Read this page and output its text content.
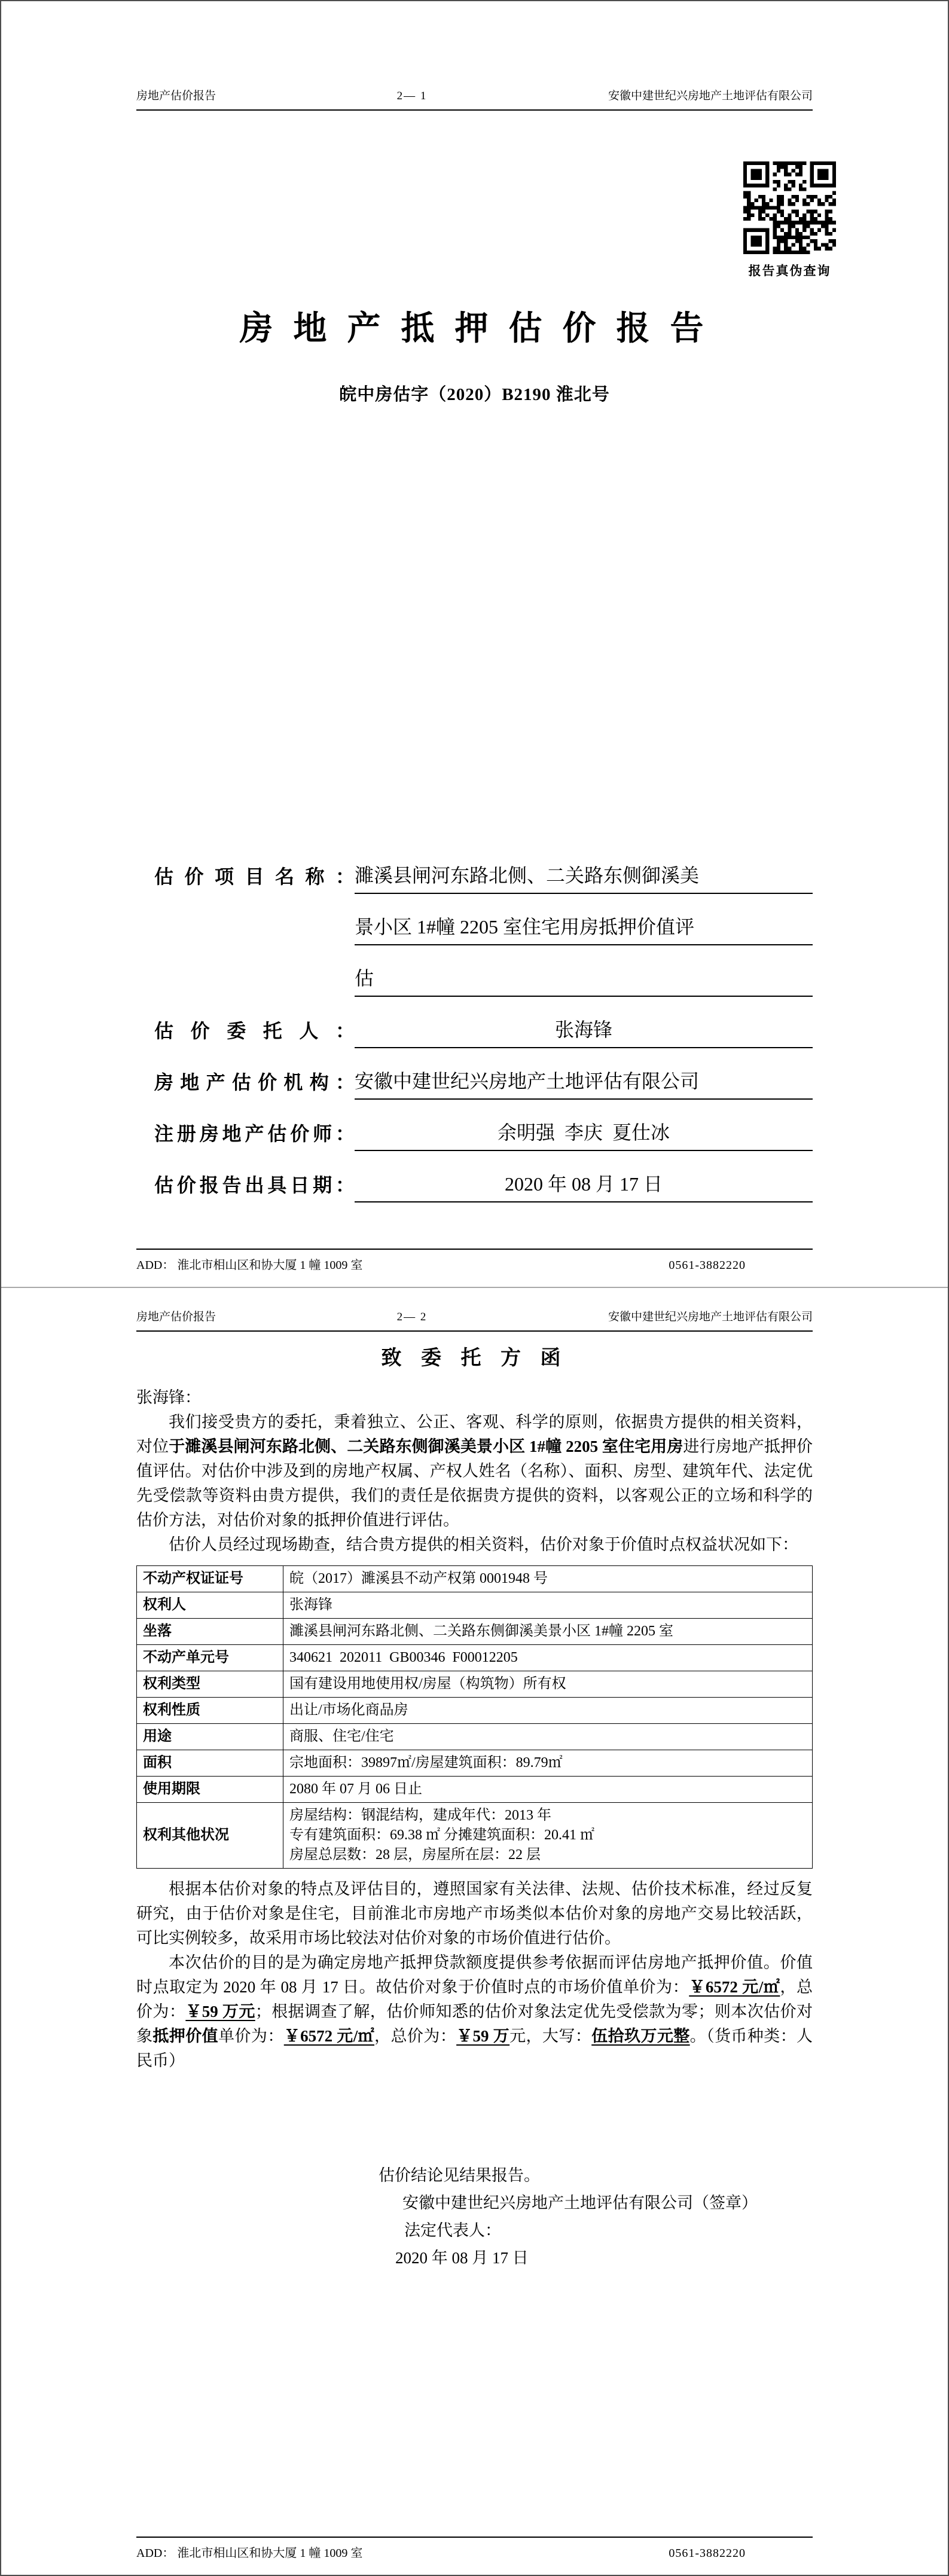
房地产估价报告	2— 1	安徽中建世纪兴房地产土地评估有限公司
报告真伪查询
房 地 产 抵 押 估 价 报 告
皖中房估字（2020）B2190 淮北号
估 价 项 目 名 称 ： 濉溪县闸河东路北侧、二关路东侧御溪美
景小区 1#幢 2205 室住宅用房抵押价值评
估
估 价 委 托 人 ：	张海锋
房地产估价机构： 安徽中建世纪兴房地产土地评估有限公司
注册房地产估价师：	余明强  李庆  夏仕冰
估价报告出具日期：	2020 年 08 月 17 日
ADD： 淮北市相山区和协大厦 1 幢 1009 室	0561-3882220
房地产估价报告	2— 2	安徽中建世纪兴房地产土地评估有限公司
致 委 托 方 函
张海锋：

我们接受贵方的委托，秉着独立、公正、客观、科学的原则，依据贵方提供的相关资料，对位于濉溪县闸河东路北侧、二关路东侧御溪美景小区 1#幢 2205 室住宅用房进行房地产抵押价值评估。对估价中涉及到的房地产权属、产权人姓名（名称）、面积、房型、建筑年代、法定优先受偿款等资料由贵方提供，我们的责任是依据贵方提供的资料，以客观公正的立场和科学的估价方法，对估价对象的抵押价值进行评估。

估价人员经过现场勘查，结合贵方提供的相关资料，估价对象于价值时点权益状况如下：

不动产权证证号	皖（2017）濉溪县不动产权第 0001948 号
权利人	张海锋
坐落	濉溪县闸河东路北侧、二关路东侧御溪美景小区 1#幢 2205 室
不动产单元号	340621  202011  GB00346  F00012205
权利类型	国有建设用地使用权/房屋（构筑物）所有权
权利性质	出让/市场化商品房
用途	商服、住宅/住宅
面积	宗地面积：39897㎡/房屋建筑面积：89.79㎡
使用期限	2080 年 07 月 06 日止
权利其他状况	房屋结构：钢混结构，建成年代：2013 年
专有建筑面积：69.38 ㎡ 分摊建筑面积：20.41 ㎡
房屋总层数：28 层，房屋所在层：22 层

根据本估价对象的特点及评估目的，遵照国家有关法律、法规、估价技术标准，经过反复研究，由于估价对象是住宅，目前淮北市房地产市场类似本估价对象的房地产交易比较活跃，可比实例较多，故采用市场比较法对估价对象的市场价值进行估价。

本次估价的目的是为确定房地产抵押贷款额度提供参考依据而评估房地产抵押价值。价值时点取定为 2020 年 08 月 17 日。故估价对象于价值时点的市场价值单价为：￥6572 元/㎡，总价为：￥59 万元；根据调查了解，估价师知悉的估价对象法定优先受偿款为零；则本次估价对象抵押价值单价为：￥6572 元/㎡，总价为：￥59 万元，大写：伍拾玖万元整。（货币种类：人民币）

估价结论见结果报告。
安徽中建世纪兴房地产土地评估有限公司（签章）
法定代表人：
2020 年 08 月 17 日
ADD： 淮北市相山区和协大厦 1 幢 1009 室	0561-3882220
